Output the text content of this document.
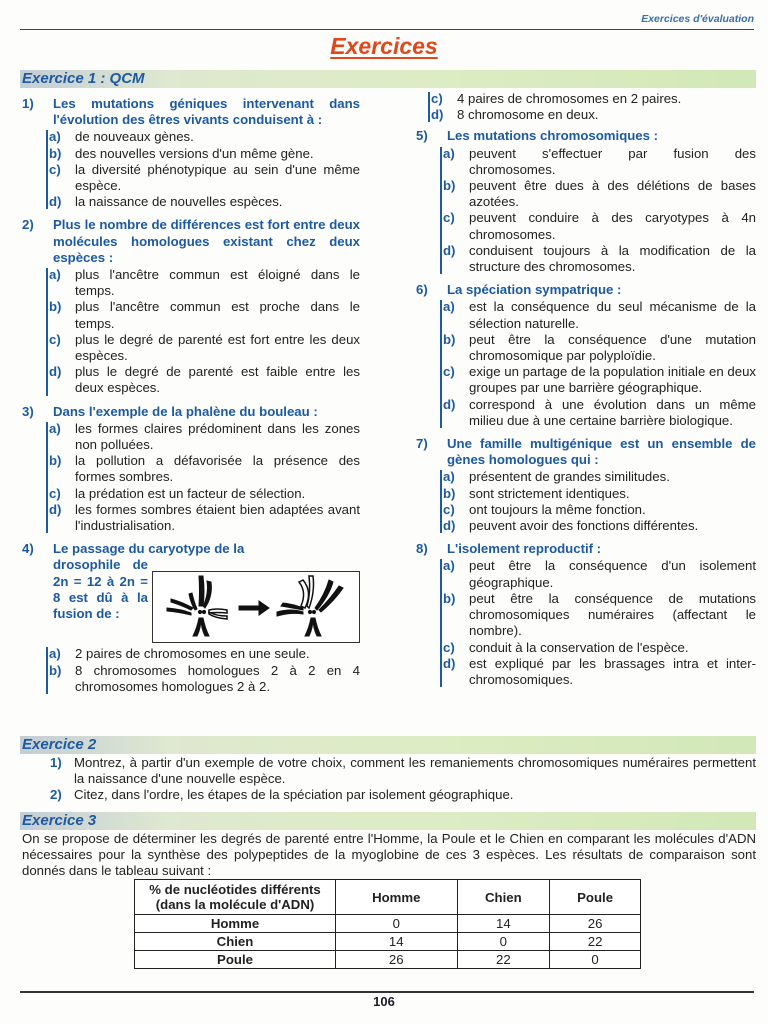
Exercices d'évaluation
Exercices
Exercice 1 : QCM
1)	Les mutations géniques intervenant dans l'évolution des êtres vivants conduisent à :
a)	de nouveaux gènes.
b)	des nouvelles versions d'un même gène.
c)	la diversité phénotypique au sein d'une même espèce.
d)	la naissance de nouvelles espèces.
2)	Plus le nombre de différences est fort entre deux molécules homologues existant chez deux espèces :
a)	plus l'ancêtre commun est éloigné dans le temps.
b)	plus l'ancêtre commun est proche dans le temps.
c)	plus le degré de parenté est fort entre les deux espèces.
d)	plus le degré de parenté est faible entre les deux espèces.
3)	Dans l'exemple de la phalène du bouleau :
a)	les formes claires prédominent dans les zones non polluées.
b)	la pollution a défavorisée la présence des formes sombres.
c)	la prédation est un facteur de sélection.
d)	les formes sombres étaient bien adaptées avant l'industrialisation.
4)	Le passage du caryotype de la
drosophile de 2n = 12 à 2n = 8 est dû à la fusion de :
a)	2 paires de chromosomes en une seule.
b)	8 chromosomes homologues 2 à 2 en 4 chromosomes homologues 2 à 2.
c)	4 paires de chromosomes en 2 paires.
d)	8 chromosome en deux.
5)	Les mutations chromosomiques :
a)	peuvent s'effectuer par fusion des chromosomes.
b)	peuvent être dues à des délétions de bases azotées.
c)	peuvent conduire à des caryotypes à 4n chromosomes.
d)	conduisent toujours à la modification de la structure des chromosomes.
6)	La spéciation sympatrique :
a)	est la conséquence du seul mécanisme de la sélection naturelle.
b)	peut être la conséquence d'une mutation chromosomique par polyploïdie.
c)	exige un partage de la population initiale en deux groupes par une barrière géographique.
d)	correspond à une évolution dans un même milieu due à une certaine barrière biologique.
7)	Une famille multigénique est un ensemble de gènes homologues qui :
a)	présentent de grandes similitudes.
b)	sont strictement identiques.
c)	ont toujours la même fonction.
d)	peuvent avoir des fonctions différentes.
8)	L'isolement reproductif :
a)	peut être la conséquence d'un isolement géographique.
b)	peut être la conséquence de mutations chromosomiques numéraires (affectant le nombre).
c)	conduit à la conservation de l'espèce.
d)	est expliqué par les brassages intra et inter-chromosomiques.
Exercice 2
1) Montrez, à partir d'un exemple de votre choix, comment les remaniements chromosomiques numéraires permettent la naissance d'une nouvelle espèce.
2) Citez, dans l'ordre, les étapes de la spéciation par isolement géographique.
Exercice 3
On se propose de déterminer les degrés de parenté entre l'Homme, la Poule et le Chien en comparant les molécules d'ADN nécessaires pour la synthèse des polypeptides de la myoglobine de ces 3 espèces. Les résultats de comparaison sont donnés dans le tableau suivant :
% de nucléotides différents (dans la molécule d'ADN)	Homme	Chien	Poule
Homme	0	14	26
Chien	14	0	22
Poule	26	22	0
106
